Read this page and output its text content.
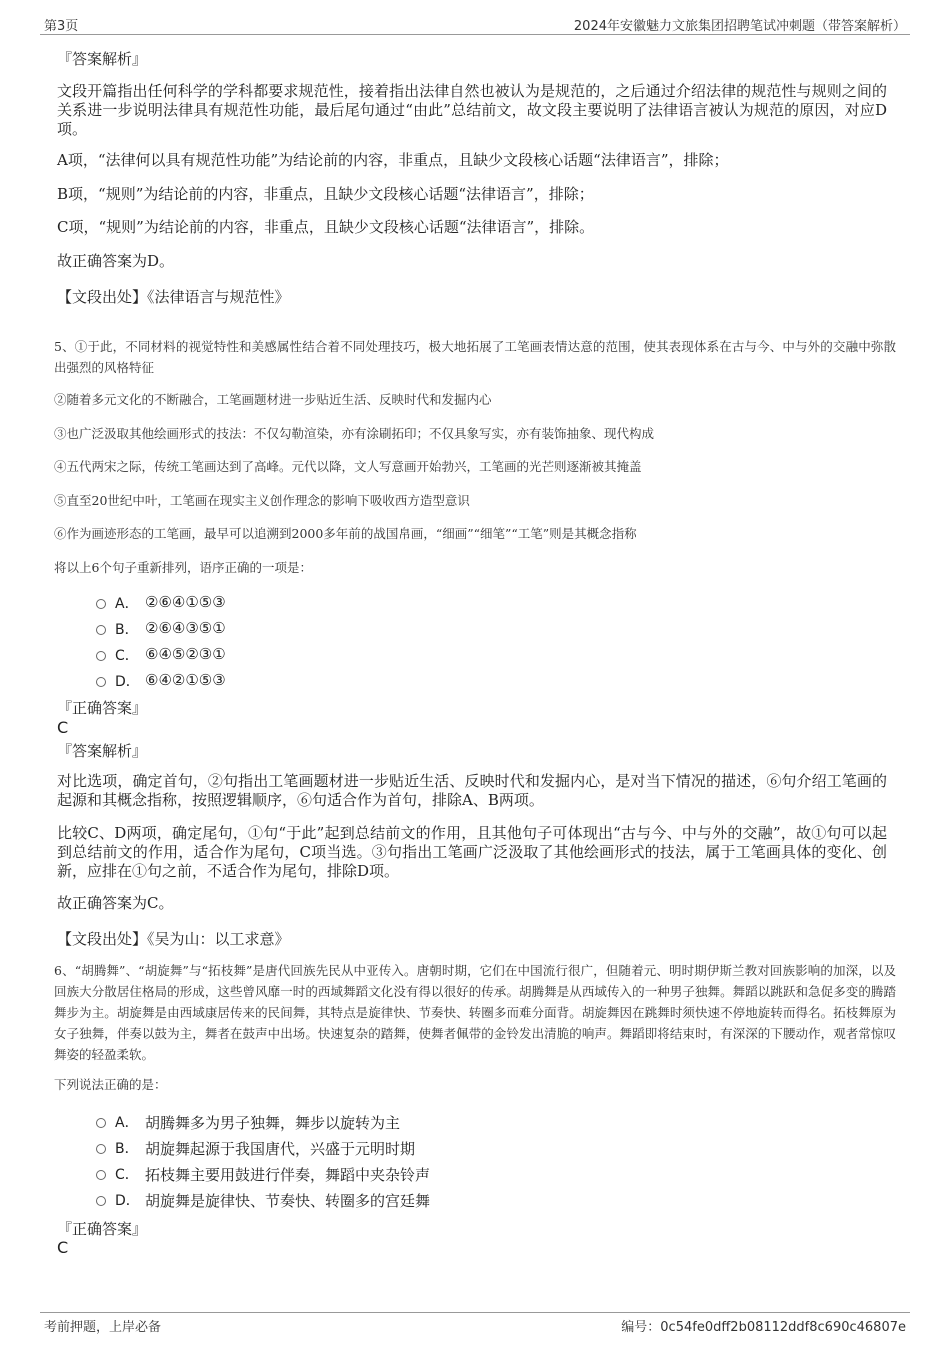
第3页	2024年安徽魅力文旅集团招聘笔试冲刺题（带答案解析）
『答案解析』
文段开篇指出任何科学的学科都要求规范性，接着指出法律自然也被认为是规范的，之后通过介绍法律的规范性与规则之间的关系进一步说明法律具有规范性功能，最后尾句通过“由此”总结前文，故文段主要说明了法律语言被认为规范的原因，对应D项。
A项，“法律何以具有规范性功能”为结论前的内容，非重点，且缺少文段核心话题“法律语言”，排除；
B项，“规则”为结论前的内容，非重点，且缺少文段核心话题“法律语言”，排除；
C项，“规则”为结论前的内容，非重点，且缺少文段核心话题“法律语言”，排除。
故正确答案为D。
【文段出处】《法律语言与规范性》
5、①于此，不同材料的视觉特性和美感属性结合着不同处理技巧，极大地拓展了工笔画表情达意的范围，使其表现体系在古与今、中与外的交融中弥散出强烈的风格特征
②随着多元文化的不断融合，工笔画题材进一步贴近生活、反映时代和发掘内心
③也广泛汲取其他绘画形式的技法：不仅勾勒渲染，亦有涂刷拓印；不仅具象写实，亦有装饰抽象、现代构成
④五代两宋之际，传统工笔画达到了高峰。元代以降，文人写意画开始勃兴，工笔画的光芒则逐渐被其掩盖
⑤直至20世纪中叶，工笔画在现实主义创作理念的影响下吸收西方造型意识
⑥作为画迹形态的工笔画，最早可以追溯到2000多年前的战国帛画，“细画”“细笔”“工笔”则是其概念指称
将以上6个句子重新排列，语序正确的一项是：
A． ②⑥④①⑤③
B． ②⑥④③⑤①
C． ⑥④⑤②③①
D． ⑥④②①⑤③
『正确答案』
C
『答案解析』
对比选项，确定首句，②句指出工笔画题材进一步贴近生活、反映时代和发掘内心，是对当下情况的描述，⑥句介绍工笔画的起源和其概念指称，按照逻辑顺序，⑥句适合作为首句，排除A、B两项。
比较C、D两项，确定尾句，①句“于此”起到总结前文的作用，且其他句子可体现出“古与今、中与外的交融”，故①句可以起到总结前文的作用，适合作为尾句，C项当选。③句指出工笔画广泛汲取了其他绘画形式的技法，属于工笔画具体的变化、创新，应排在①句之前，不适合作为尾句，排除D项。
故正确答案为C。
【文段出处】《吴为山：以工求意》
6、“胡腾舞”、“胡旋舞”与“拓枝舞”是唐代回族先民从中亚传入。唐朝时期，它们在中国流行很广，但随着元、明时期伊斯兰教对回族影响的加深，以及回族大分散居住格局的形成，这些曾风靡一时的西域舞蹈文化没有得以很好的传承。胡腾舞是从西域传入的一种男子独舞。舞蹈以跳跃和急促多变的腾踏舞步为主。胡旋舞是由西域康居传来的民间舞，其特点是旋律快、节奏快、转圈多而难分面背。胡旋舞因在跳舞时须快速不停地旋转而得名。拓枝舞原为女子独舞，伴奏以鼓为主，舞者在鼓声中出场。快速复杂的踏舞，使舞者佩带的金铃发出清脆的响声。舞蹈即将结束时，有深深的下腰动作，观者常惊叹舞姿的轻盈柔软。
下列说法正确的是：
A． 胡腾舞多为男子独舞，舞步以旋转为主
B． 胡旋舞起源于我国唐代，兴盛于元明时期
C． 拓枝舞主要用鼓进行伴奏，舞蹈中夹杂铃声
D． 胡旋舞是旋律快、节奏快、转圈多的宫廷舞
『正确答案』
C
考前押题，上岸必备	编号：0c54fe0dff2b08112ddf8c690c46807e
